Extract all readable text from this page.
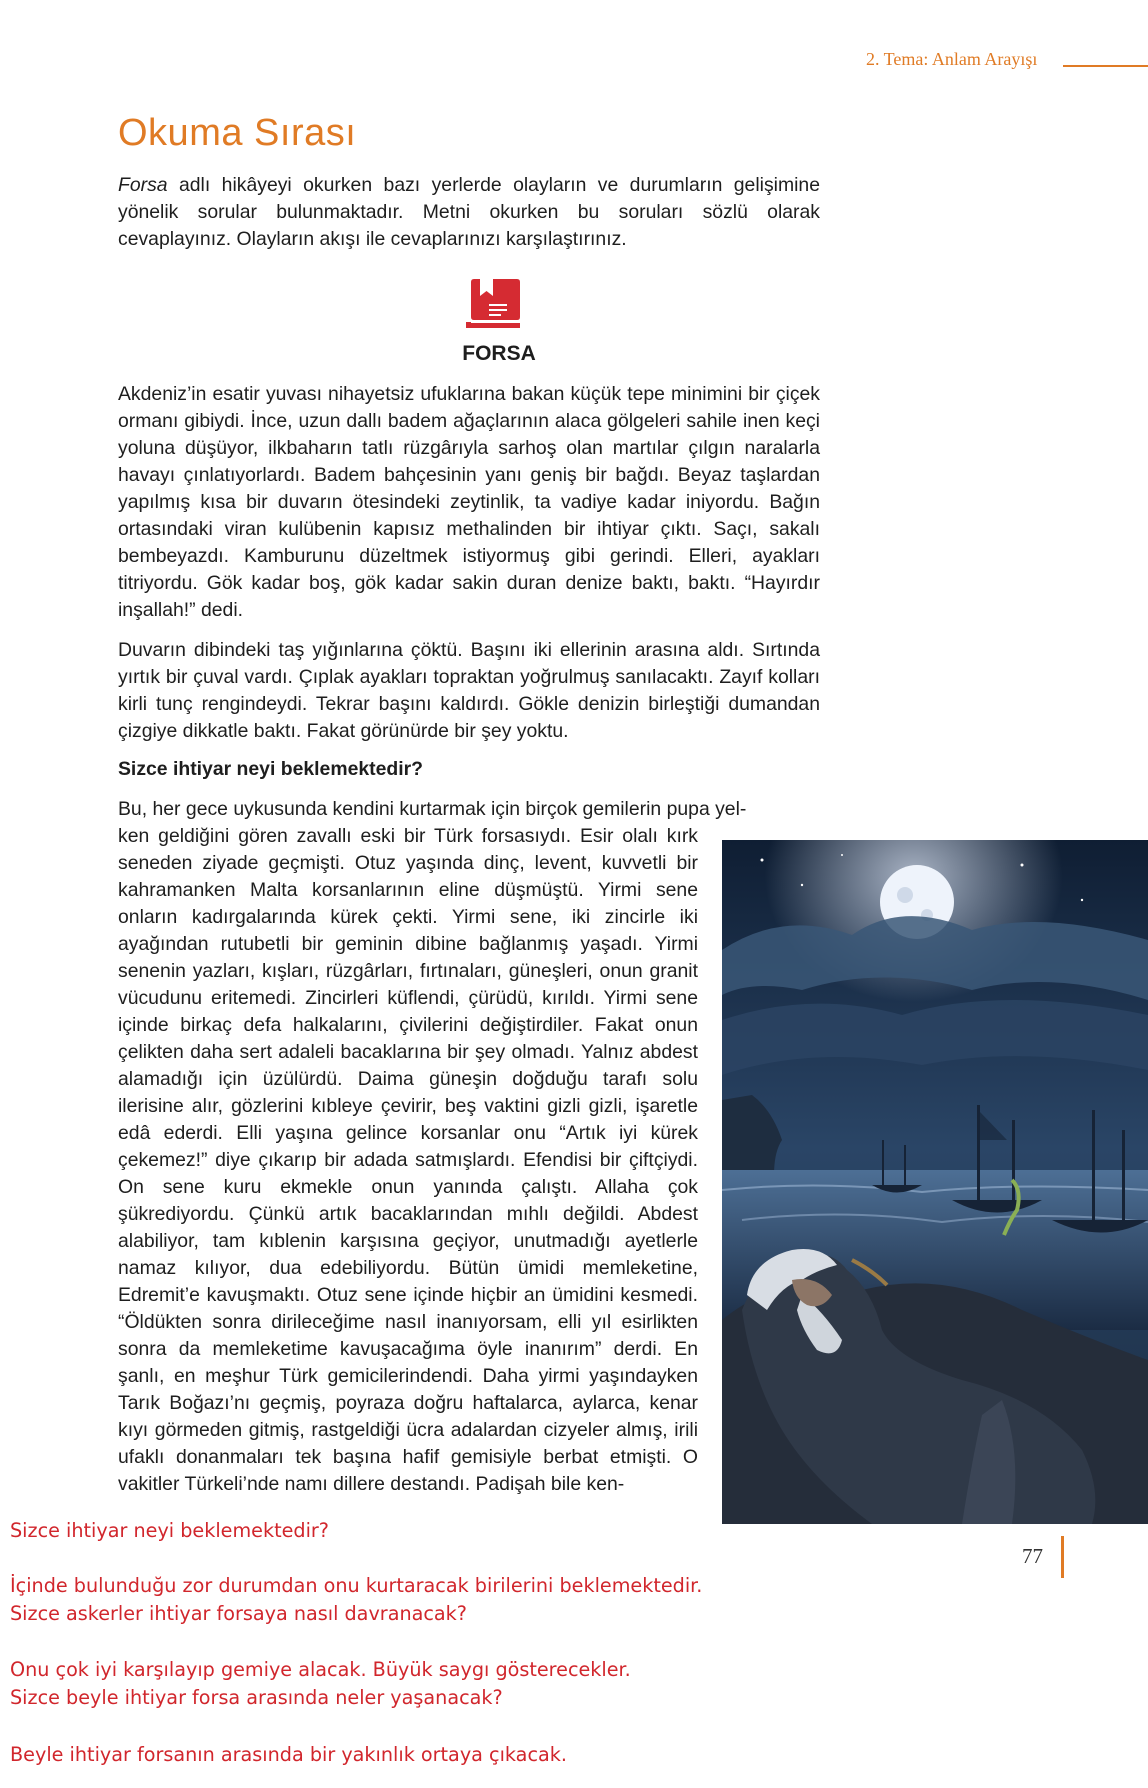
2. Tema: Anlam Arayışı
Okuma Sırası

Forsa adlı hikâyeyi okurken bazı yerlerde olayların ve durumların gelişimine yönelik sorular bulunmaktadır. Metni okurken bu soruları sözlü olarak cevaplayınız. Olayların akışı ile cevaplarınızı karşılaştırınız.

FORSA

Akdeniz’in esatir yuvası nihayetsiz ufuklarına bakan küçük tepe minimini bir çiçek ormanı gibiydi. İnce, uzun dallı badem ağaçlarının alaca gölgeleri sahile inen keçi yoluna düşüyor, ilkbaharın tatlı rüzgârıyla sarhoş olan martılar çılgın naralarla havayı çınlatıyorlardı. Badem bahçesinin yanı geniş bir bağdı. Beyaz taşlardan yapılmış kısa bir duvarın ötesindeki zeytinlik, ta vadiye kadar iniyordu. Bağın ortasındaki viran kulübenin kapısız methalinden bir ihtiyar çıktı. Saçı, sakalı bembeyazdı. Kamburunu düzeltmek istiyormuş gibi gerindi. Elleri, ayakları titriyordu. Gök kadar boş, gök kadar sakin duran denize baktı, baktı. “Hayırdır inşallah!” dedi.

Duvarın dibindeki taş yığınlarına çöktü. Başını iki ellerinin arasına aldı. Sırtında yırtık bir çuval vardı. Çıplak ayakları topraktan yoğrulmuş sanılacaktı. Zayıf kolları kirli tunç rengindeydi. Tekrar başını kaldırdı. Gökle denizin birleştiği dumandan çizgiye dikkatle baktı. Fakat görünürde bir şey yoktu.

Sizce ihtiyar neyi beklemektedir?

Bu, her gece uykusunda kendini kurtarmak için birçok gemilerin pupa yel-

ken geldiğini gören zavallı eski bir Türk forsasıydı. Esir olalı kırk seneden ziyade geçmişti. Otuz yaşında dinç, levent, kuvvetli bir kahramanken Malta korsanlarının eline düşmüştü. Yirmi sene onların kadırgalarında kürek çekti. Yirmi sene, iki zincirle iki ayağından rutubetli bir geminin dibine bağlanmış yaşadı. Yirmi senenin yazları, kışları, rüzgârları, fırtınaları, güneşleri, onun granit vücudunu eritemedi. Zincirleri küflendi, çürüdü, kırıldı. Yirmi sene içinde birkaç defa halkalarını, çivilerini değiştirdiler. Fakat onun çelikten daha sert adaleli bacaklarına bir şey olmadı. Yalnız abdest alamadığı için üzülürdü. Daima güneşin doğduğu tarafı solu ilerisine alır, gözlerini kıbleye çevirir, beş vaktini gizli gizli, işaretle edâ ederdi. Elli yaşına gelince korsanlar onu “Artık iyi kürek çekemez!” diye çıkarıp bir adada satmışlardı. Efendisi bir çiftçiydi. On sene kuru ekmekle onun yanında çalıştı. Allaha çok şükrediyordu. Çünkü artık bacaklarından mıhlı değildi. Abdest alabiliyor, tam kıblenin karşısına geçiyor, unutmadığı ayetlerle namaz kılıyor, dua edebiliyordu. Bütün ümidi memleketine, Edremit’e kavuşmaktı. Otuz sene içinde hiçbir an ümidini kesmedi. “Öldükten sonra dirileceğime nasıl inanıyorsam, elli yıl esirlikten sonra da memleketime kavuşacağıma öyle inanırım” derdi. En şanlı, en meşhur Türk gemicilerindendi. Daha yirmi yaşındayken Tarık Boğazı’nı geçmiş, poyraza doğru haftalarca, aylarca, kenar kıyı görmeden gitmiş, rastgeldiği ücra adalardan cizyeler almış, irili ufaklı donanmaları tek başına hafif gemisiyle berbat etmişti. O vakitler Türkeli’nde namı dillere destandı. Padişah bile ken-

77

Sizce ihtiyar neyi beklemektedir?

İçinde bulunduğu zor durumdan onu kurtaracak birilerini beklemektedir.

Sizce askerler ihtiyar forsaya nasıl davranacak?

Onu çok iyi karşılayıp gemiye alacak. Büyük saygı gösterecekler.

Sizce beyle ihtiyar forsa arasında neler yaşanacak?

Beyle ihtiyar forsanın arasında bir yakınlık ortaya çıkacak.
